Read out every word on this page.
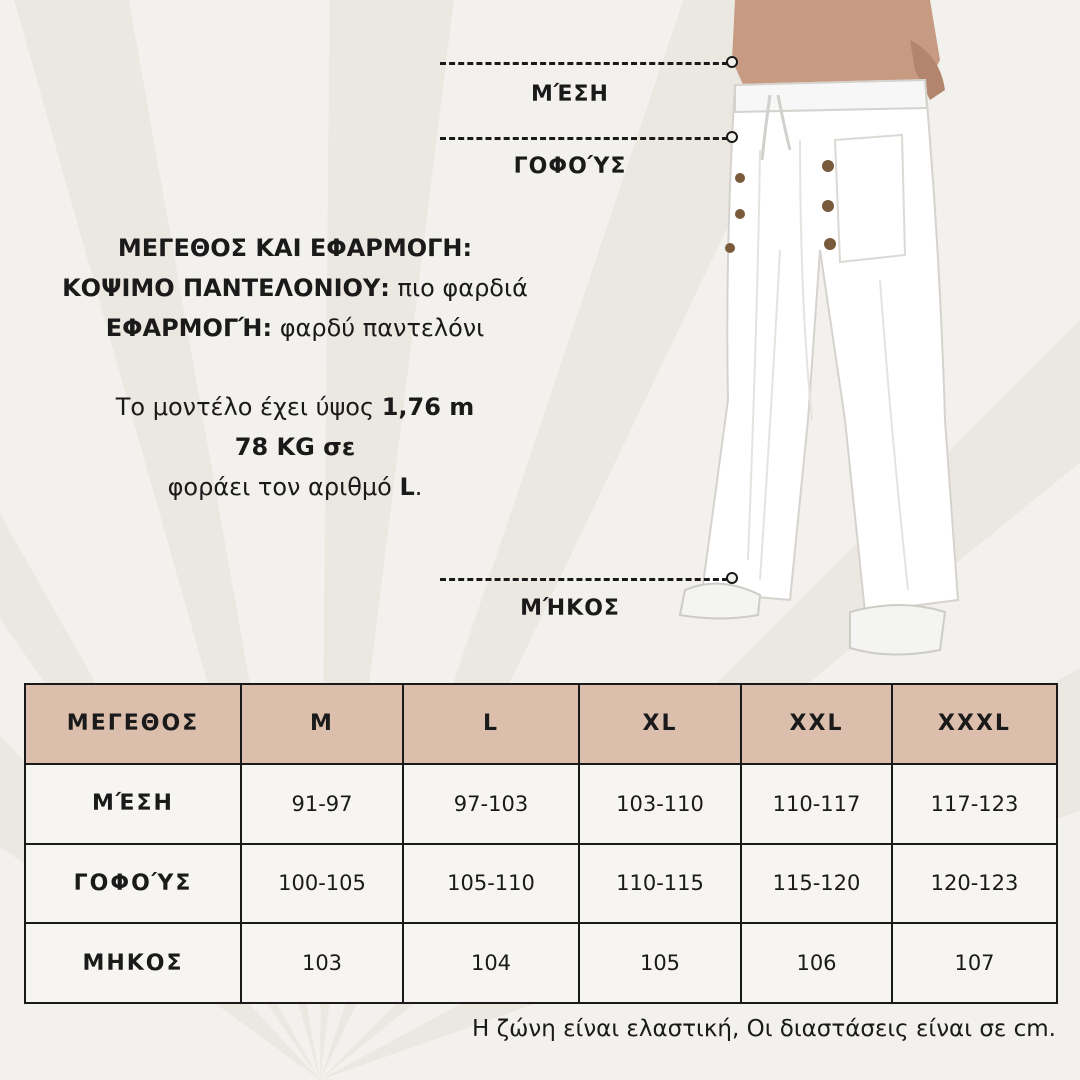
ΜΈΣΗ
ΓΟΦΟΎΣ
ΜΉΚΟΣ
ΜΕΓΕΘΟΣ ΚΑΙ ΕΦΑΡΜΟΓΗ:
ΚΟΨΙΜΟ ΠΑΝΤΕΛΟΝΙΟΥ: πιο φαρδιά
ΕΦΑΡΜΟΓΉ: φαρδύ παντελόνι
Το μοντέλο έχει ύψος 1,76 m
78 KG σε
φοράει τον αριθμό L.
ΜΕΓΕΘΟΣ	M	L	XL	XXL	XXXL
ΜΈΣΗ	91-97	97-103	103-110	110-117	117-123
ΓΟΦΟΎΣ	100-105	105-110	110-115	115-120	120-123
ΜΗΚΟΣ	103	104	105	106	107
Η ζώνη είναι ελαστική, Οι διαστάσεις είναι σε cm.
